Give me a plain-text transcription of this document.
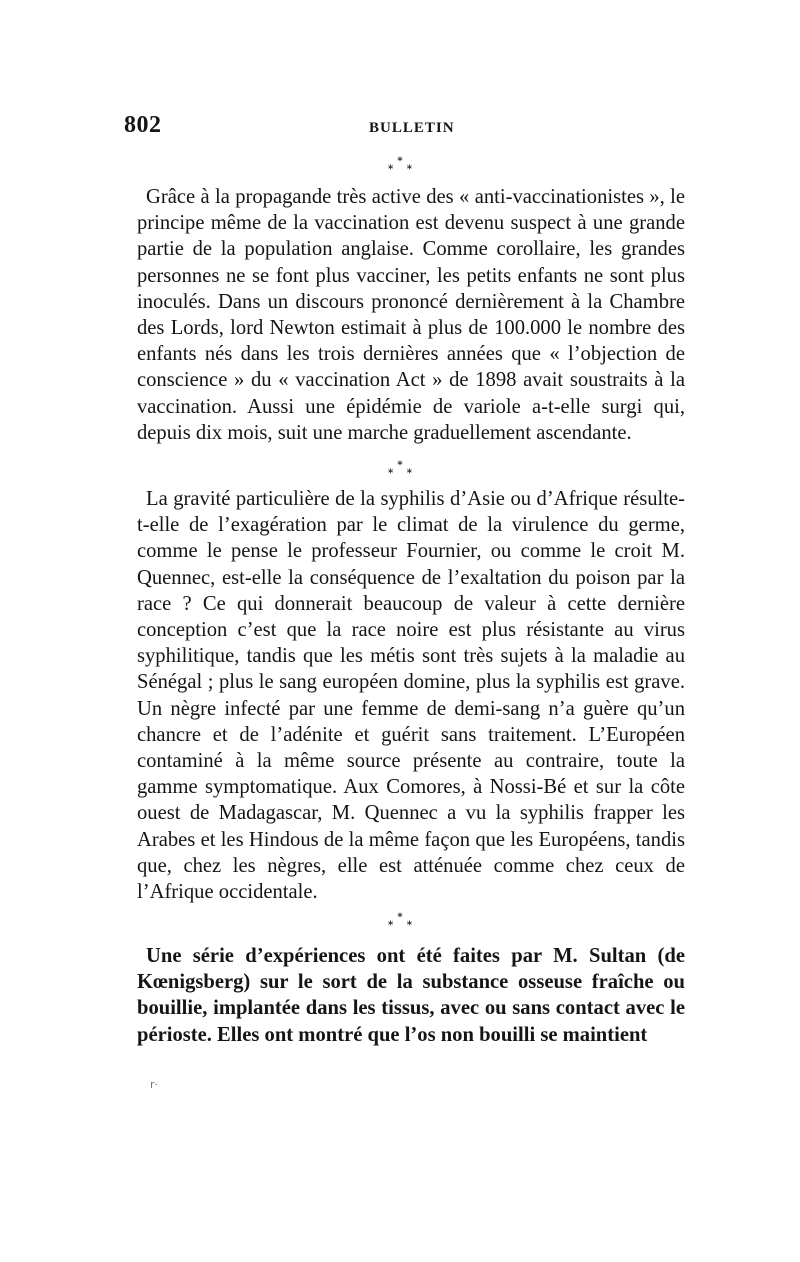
802	BULLETIN
*
* *

Grâce à la propagande très active des « anti-vaccinationistes », le principe même de la vaccination est devenu suspect à une grande partie de la population anglaise. Comme corollaire, les grandes personnes ne se font plus vacciner, les petits enfants ne sont plus inoculés. Dans un discours prononcé dernièrement à la Chambre des Lords, lord Newton estimait à plus de 100.000 le nombre des enfants nés dans les trois dernières années que « l’objection de conscience » du « vaccination Act » de 1898 avait soustraits à la vaccination. Aussi une épidémie de variole a-t-elle surgi qui, depuis dix mois, suit une marche graduellement ascendante.

*
* *

La gravité particulière de la syphilis d’Asie ou d’Afrique résulte-t-elle de l’exagération par le climat de la virulence du germe, comme le pense le professeur Fournier, ou comme le croit M. Quennec, est-elle la conséquence de l’exaltation du poison par la race ? Ce qui donnerait beaucoup de valeur à cette dernière conception c’est que la race noire est plus résistante au virus syphilitique, tandis que les métis sont très sujets à la maladie au Sénégal ; plus le sang européen domine, plus la syphilis est grave. Un nègre infecté par une femme de demi-sang n’a guère qu’un chancre et de l’adénite et guérit sans traitement. L’Européen contaminé à la même source présente au contraire, toute la gamme symptomatique. Aux Comores, à Nossi-Bé et sur la côte ouest de Madagascar, M. Quennec a vu la syphilis frapper les Arabes et les Hindous de la même façon que les Européens, tandis que, chez les nègres, elle est atténuée comme chez ceux de l’Afrique occidentale.

*
* *

Une série d’expériences ont été faites par M. Sultan (de Kœnigsberg) sur le sort de la substance osseuse fraîche ou bouillie, implantée dans les tissus, avec ou sans contact avec le périoste. Elles ont montré que l’os non bouilli se maintient

r·
